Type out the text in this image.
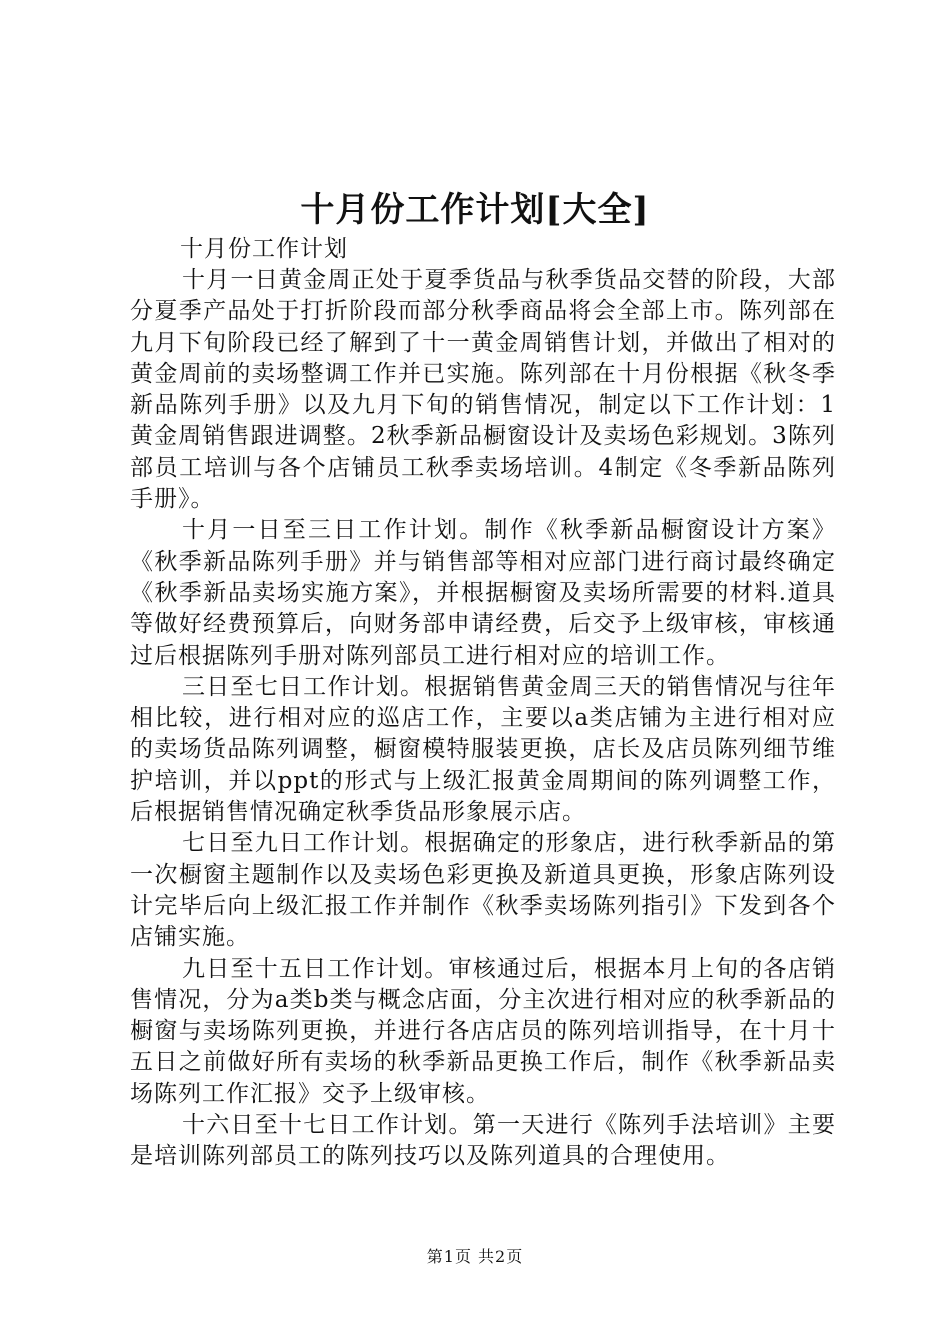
十月份工作计划[大全]

十月份工作计划

十月一日黄金周正处于夏季货品与秋季货品交替的阶段，大部分夏季产品处于打折阶段而部分秋季商品将会全部上市。陈列部在九月下旬阶段已经了解到了十一黄金周销售计划，并做出了相对的黄金周前的卖场整调工作并已实施。陈列部在十月份根据《秋冬季新品陈列手册》以及九月下旬的销售情况，制定以下工作计划：1黄金周销售跟进调整。2秋季新品橱窗设计及卖场色彩规划。3陈列部员工培训与各个店铺员工秋季卖场培训。4制定《冬季新品陈列手册》。

十月一日至三日工作计划。制作《秋季新品橱窗设计方案》《秋季新品陈列手册》并与销售部等相对应部门进行商讨最终确定《秋季新品卖场实施方案》，并根据橱窗及卖场所需要的材料.道具等做好经费预算后，向财务部申请经费，后交予上级审核，审核通过后根据陈列手册对陈列部员工进行相对应的培训工作。

三日至七日工作计划。根据销售黄金周三天的销售情况与往年相比较，进行相对应的巡店工作，主要以a类店铺为主进行相对应的卖场货品陈列调整，橱窗模特服装更换，店长及店员陈列细节维护培训，并以ppt的形式与上级汇报黄金周期间的陈列调整工作，后根据销售情况确定秋季货品形象展示店。

七日至九日工作计划。根据确定的形象店，进行秋季新品的第一次橱窗主题制作以及卖场色彩更换及新道具更换，形象店陈列设计完毕后向上级汇报工作并制作《秋季卖场陈列指引》下发到各个店铺实施。

九日至十五日工作计划。审核通过后，根据本月上旬的各店销售情况，分为a类b类与概念店面，分主次进行相对应的秋季新品的橱窗与卖场陈列更换，并进行各店店员的陈列培训指导，在十月十五日之前做好所有卖场的秋季新品更换工作后，制作《秋季新品卖场陈列工作汇报》交予上级审核。

十六日至十七日工作计划。第一天进行《陈列手法培训》主要是培训陈列部员工的陈列技巧以及陈列道具的合理使用。

第1页 共2页
